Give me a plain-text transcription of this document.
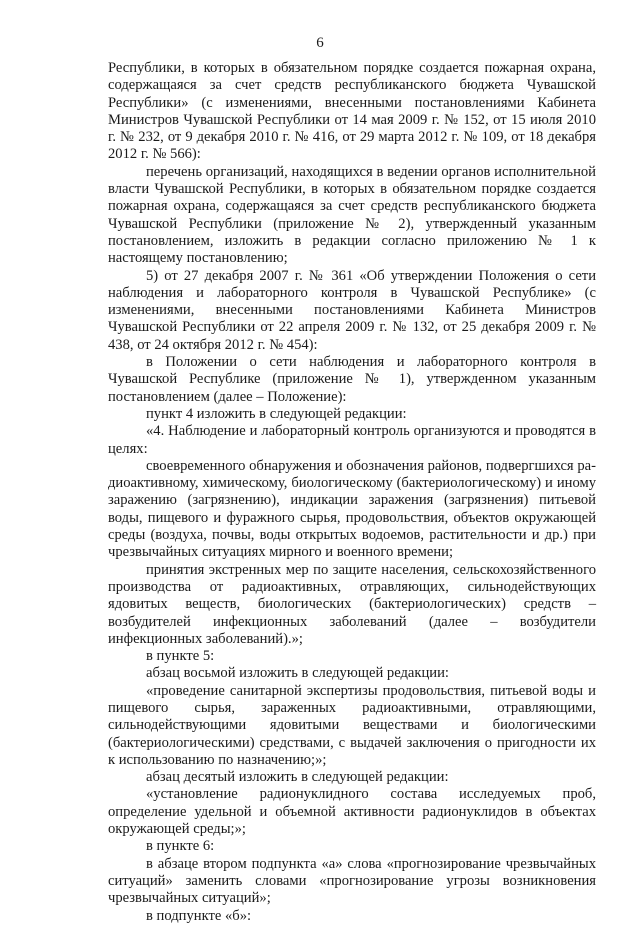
6

Республики, в которых в обязательном порядке создается пожарная охрана, содержащаяся за счет средств республиканского бюджета Чувашской Республики» (с изменениями, внесенными постановлениями Кабинета Министров Чувашской Республики от 14 мая 2009 г. № 152, от 15 июля 2010 г. № 232, от 9 декабря 2010 г. № 416, от 29 марта 2012 г. № 109, от 18 декабря 2012 г. № 566):

перечень организаций, находящихся в ведении органов исполнительной власти Чувашской Республики, в которых в обязательном порядке создается пожарная охрана, содержащаяся за счет средств республиканского бюджета Чувашской Республики (приложение № 2), утвержденный указанным постановлением, изложить в редакции согласно приложению № 1 к настоящему постановлению;

5) от 27 декабря 2007 г. № 361 «Об утверждении Положения о сети наблюдения и лабораторного контроля в Чувашской Республике» (с изменениями, внесенными постановлениями Кабинета Министров Чувашской Республики от 22 апреля 2009 г. № 132, от 25 декабря 2009 г. № 438, от 24 октября 2012 г. № 454):

в Положении о сети наблюдения и лабораторного контроля в Чувашской Республике (приложение № 1), утвержденном указанным постановлением (далее – Положение):

пункт 4 изложить в следующей редакции:

«4. Наблюдение и лабораторный контроль организуются и проводятся в целях:

своевременного обнаружения и обозначения районов, подвергшихся радиоактивному, химическому, биологическому (бактериологическому) и иному заражению (загрязнению), индикации заражения (загрязнения) питьевой воды, пищевого и фуражного сырья, продовольствия, объектов окружающей среды (воздуха, почвы, воды открытых водоемов, растительности и др.) при чрезвычайных ситуациях мирного и военного времени;

принятия экстренных мер по защите населения, сельскохозяйственного производства от радиоактивных, отравляющих, сильнодействующих ядовитых веществ, биологических (бактериологических) средств – возбудителей инфекционных заболеваний (далее – возбудители инфекционных заболеваний).»;

в пункте 5:

абзац восьмой изложить в следующей редакции:

«проведение санитарной экспертизы продовольствия, питьевой воды и пищевого сырья, зараженных радиоактивными, отравляющими, сильнодействующими ядовитыми веществами и биологическими (бактериологическими) средствами, с выдачей заключения о пригодности их к использованию по назначению;»;

абзац десятый изложить в следующей редакции:

«установление радионуклидного состава исследуемых проб, определение удельной и объемной активности радионуклидов в объектах окружающей среды;»;

в пункте 6:

в абзаце втором подпункта «а» слова «прогнозирование чрезвычайных ситуаций» заменить словами «прогнозирование угрозы возникновения чрезвычайных ситуаций»;

в подпункте «б»:
